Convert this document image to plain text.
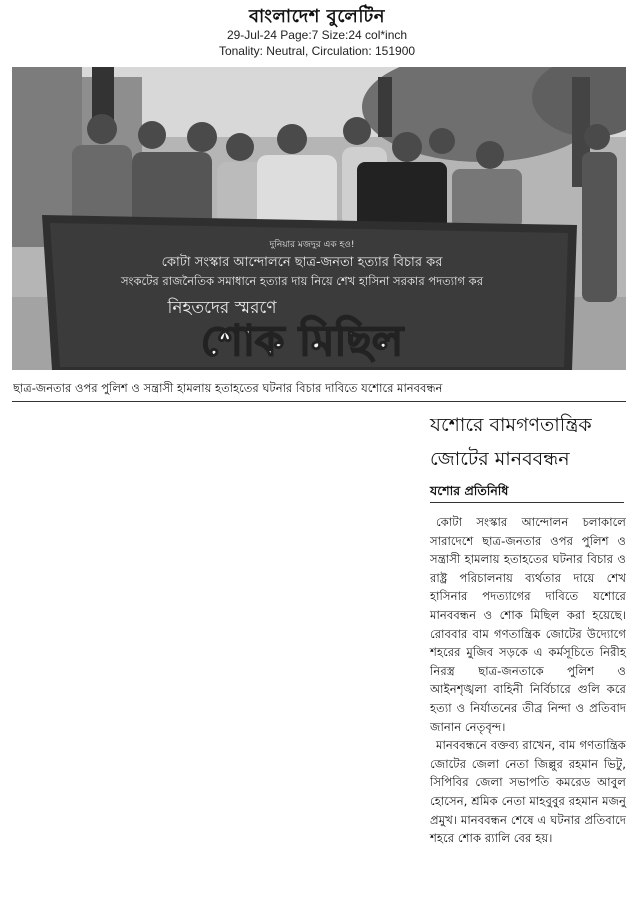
বাংলাদেশ বুলেটিন
29-Jul-24 Page:7 Size:24 col*inch
Tonality: Neutral, Circulation: 151900
দুনিয়ার মজদুর এক হও!
কোটা সংস্কার আন্দোলনে ছাত্র-জনতা হত্যার বিচার কর
সংকটের রাজনৈতিক সমাধানে হত্যার দায় নিয়ে শেখ হাসিনা সরকার পদত্যাগ কর
নিহতদের স্মরণে
শোক মিছিল
ছাত্র-জনতার ওপর পুলিশ ও সন্ত্রাসী হামলায় হতাহতের ঘটনার বিচার দাবিতে যশোরে মানববন্ধন
যশোরে বামগণতান্ত্রিক
জোটের মানববন্ধন
যশোর প্রতিনিধি

কোটা সংস্কার আন্দোলন চলাকালে সারাদেশে ছাত্র-জনতার ওপর পুলিশ ও সন্ত্রাসী হামলায় হতাহতের ঘটনার বিচার ও রাষ্ট্র পরিচালনায় ব্যর্থতার দায়ে শেখ হাসিনার পদত্যাগের দাবিতে যশোরে মানববন্ধন ও শোক মিছিল করা হয়েছে। রোববার বাম গণতান্ত্রিক জোটের উদ্যোগে শহরের মুজিব সড়কে এ কর্মসূচিতে নিরীহ নিরস্ত্র ছাত্র-জনতাকে পুলিশ ও আইনশৃঙ্খলা বাহিনী নির্বিচারে গুলি করে হত্যা ও নির্যাতনের তীব্র নিন্দা ও প্রতিবাদ জানান নেতৃবৃন্দ।

মানববন্ধনে বক্তব্য রাখেন, বাম গণতান্ত্রিক জোটের জেলা নেতা জিল্লুর রহমান ভিটু, সিপিবির জেলা সভাপতি কমরেড আবুল হোসেন, শ্রমিক নেতা মাহবুবুর রহমান মজনু প্রমুখ। মানববন্ধন শেষে এ ঘটনার প্রতিবাদে শহরে শোক র‍্যালি বের হয়।
